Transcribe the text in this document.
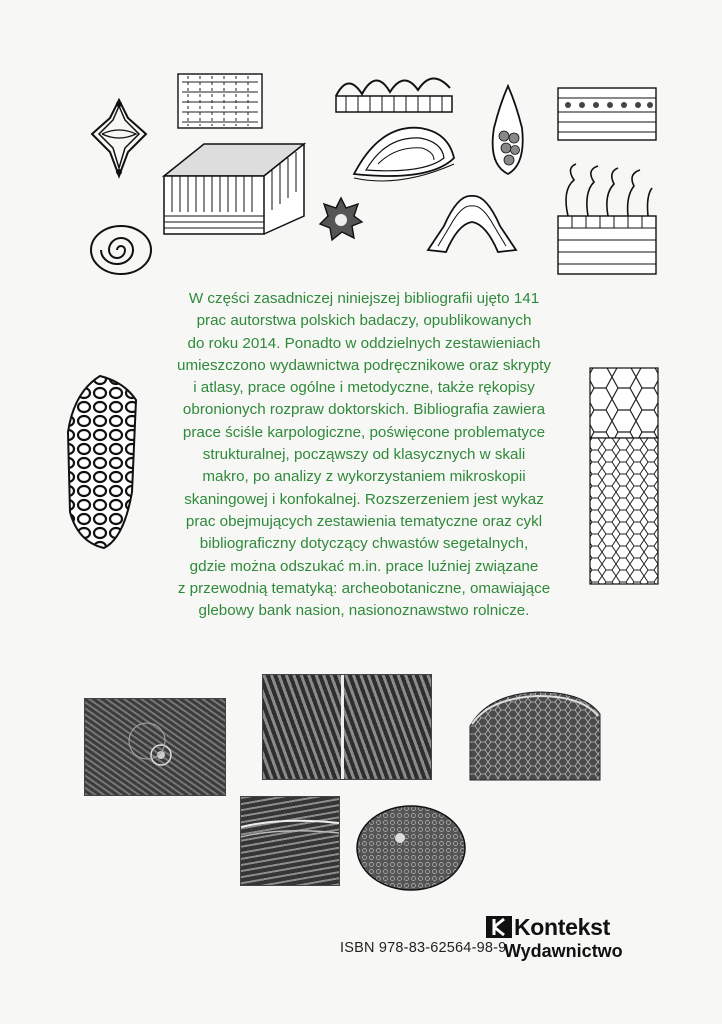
W części zasadniczej niniejszej bibliografii ujęto 141
prac autorstwa polskich badaczy, opublikowanych
do roku 2014. Ponadto w oddzielnych zestawieniach
umieszczono wydawnictwa podręcznikowe oraz skrypty
i atlasy, prace ogólne i metodyczne, także rękopisy
obronionych rozpraw doktorskich. Bibliografia zawiera
prace ściśle karpologiczne, poświęcone problematyce
strukturalnej, począwszy od klasycznych w skali
makro, po analizy z wykorzystaniem mikroskopii
skaningowej i konfokalnej. Rozszerzeniem jest wykaz
prac obejmujących zestawienia tematyczne oraz cykl
bibliograficzny dotyczący chwastów segetalnych,
gdzie można odszukać m.in. prace luźniej związane
z przewodnią tematyką: archeobotaniczne, omawiające
glebowy bank nasion, nasionoznawstwo rolnicze.
ISBN 978-83-62564-98-9
Kontekst
Wydawnictwo
